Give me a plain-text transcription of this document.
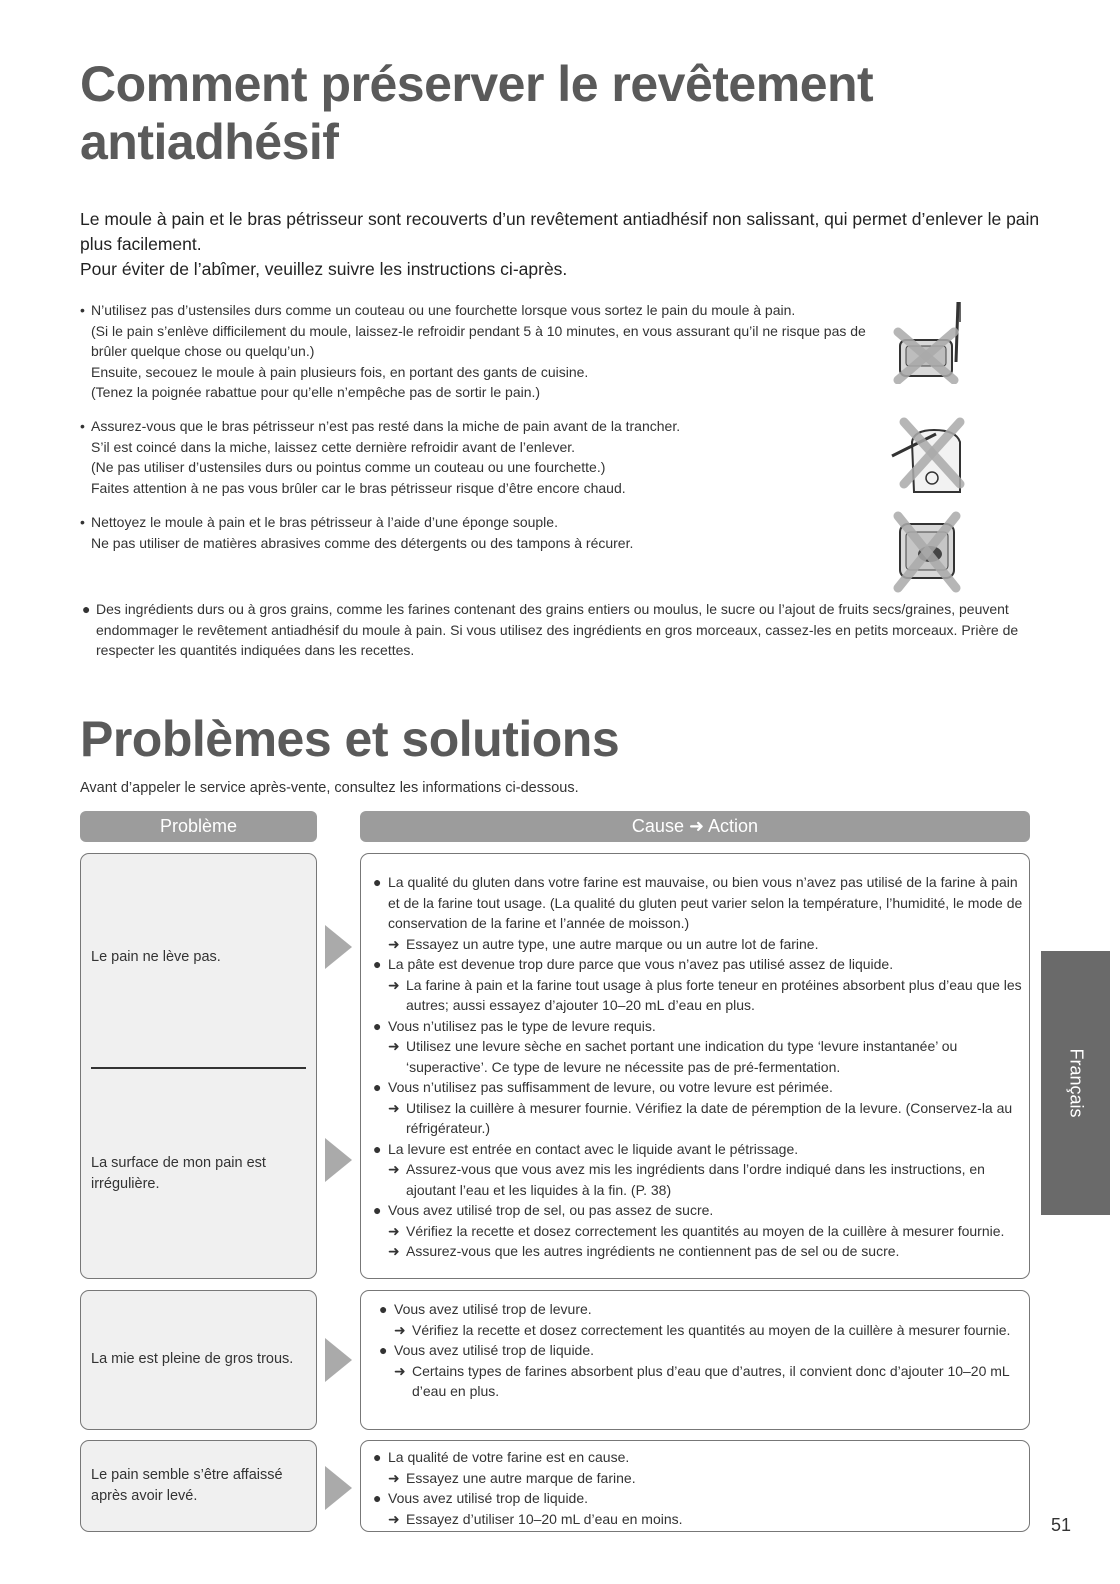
Comment préserver le revêtement antiadhésif

Le moule à pain et le bras pétrisseur sont recouverts d’un revêtement antiadhésif non salissant, qui permet d’enlever le pain plus facilement.

Pour éviter de l’abîmer, veuillez suivre les instructions ci-après.

• N’utilisez pas d’ustensiles durs comme un couteau ou une fourchette lorsque vous sortez le pain du moule à pain.
(Si le pain s’enlève difficilement du moule, laissez-le refroidir pendant 5 à 10 minutes, en vous assurant qu’il ne risque pas de brûler quelque chose ou quelqu’un.)
Ensuite, secouez le moule à pain plusieurs fois, en portant des gants de cuisine.
(Tenez la poignée rabattue pour qu’elle n’empêche pas de sortir le pain.)
• Assurez-vous que le bras pétrisseur n’est pas resté dans la miche de pain avant de la trancher.
S’il est coincé dans la miche, laissez cette dernière refroidir avant de l’enlever.
(Ne pas utiliser d’ustensiles durs ou pointus comme un couteau ou une fourchette.)
Faites attention à ne pas vous brûler car le bras pétrisseur risque d’être encore chaud.
• Nettoyez le moule à pain et le bras pétrisseur à l’aide d’une éponge souple.
Ne pas utiliser de matières abrasives comme des détergents ou des tampons à récurer.
● Des ingrédients durs ou à gros grains, comme les farines contenant des grains entiers ou moulus, le sucre ou l’ajout de fruits secs/graines, peuvent endommager le revêtement antiadhésif du moule à pain. Si vous utilisez des ingrédients en gros morceaux, cassez-les en petits morceaux. Prière de respecter les quantités indiquées dans les recettes.
Problèmes et solutions
Avant d’appeler le service après-vente, consultez les informations ci-dessous.
Problème	Cause ➜ Action
Le pain ne lève pas.
La surface de mon pain est irrégulière.
● La qualité du gluten dans votre farine est mauvaise, ou bien vous n’avez pas utilisé de la farine à pain et de la farine tout usage. (La qualité du gluten peut varier selon la température, l’humidité, le mode de conservation de la farine et l’année de moisson.)
➜ Essayez un autre type, une autre marque ou un autre lot de farine.
● La pâte est devenue trop dure parce que vous n’avez pas utilisé assez de liquide.
➜ La farine à pain et la farine tout usage à plus forte teneur en protéines absorbent plus d’eau que les autres; aussi essayez d’ajouter 10–20 mL d’eau en plus.
● Vous n’utilisez pas le type de levure requis.
➜ Utilisez une levure sèche en sachet portant une indication du type ‘levure instantanée’ ou ‘superactive’. Ce type de levure ne nécessite pas de pré-fermentation.
● Vous n’utilisez pas suffisamment de levure, ou votre levure est périmée.
➜ Utilisez la cuillère à mesurer fournie. Vérifiez la date de péremption de la levure. (Conservez-la au réfrigérateur.)
● La levure est entrée en contact avec le liquide avant le pétrissage.
➜ Assurez-vous que vous avez mis les ingrédients dans l’ordre indiqué dans les instructions, en ajoutant l’eau et les liquides à la fin. (P. 38)
● Vous avez utilisé trop de sel, ou pas assez de sucre.
➜ Vérifiez la recette et dosez correctement les quantités au moyen de la cuillère à mesurer fournie.
➜ Assurez-vous que les autres ingrédients ne contiennent pas de sel ou de sucre.
La mie est pleine de gros trous.
● Vous avez utilisé trop de levure.
➜ Vérifiez la recette et dosez correctement les quantités au moyen de la cuillère à mesurer fournie.
● Vous avez utilisé trop de liquide.
➜ Certains types de farines absorbent plus d’eau que d’autres, il convient donc d’ajouter 10–20 mL d’eau en plus.
Le pain semble s’être affaissé après avoir levé.
● La qualité de votre farine est en cause.
➜ Essayez une autre marque de farine.
● Vous avez utilisé trop de liquide.
➜ Essayez d’utiliser 10–20 mL d’eau en moins.
Français
51
